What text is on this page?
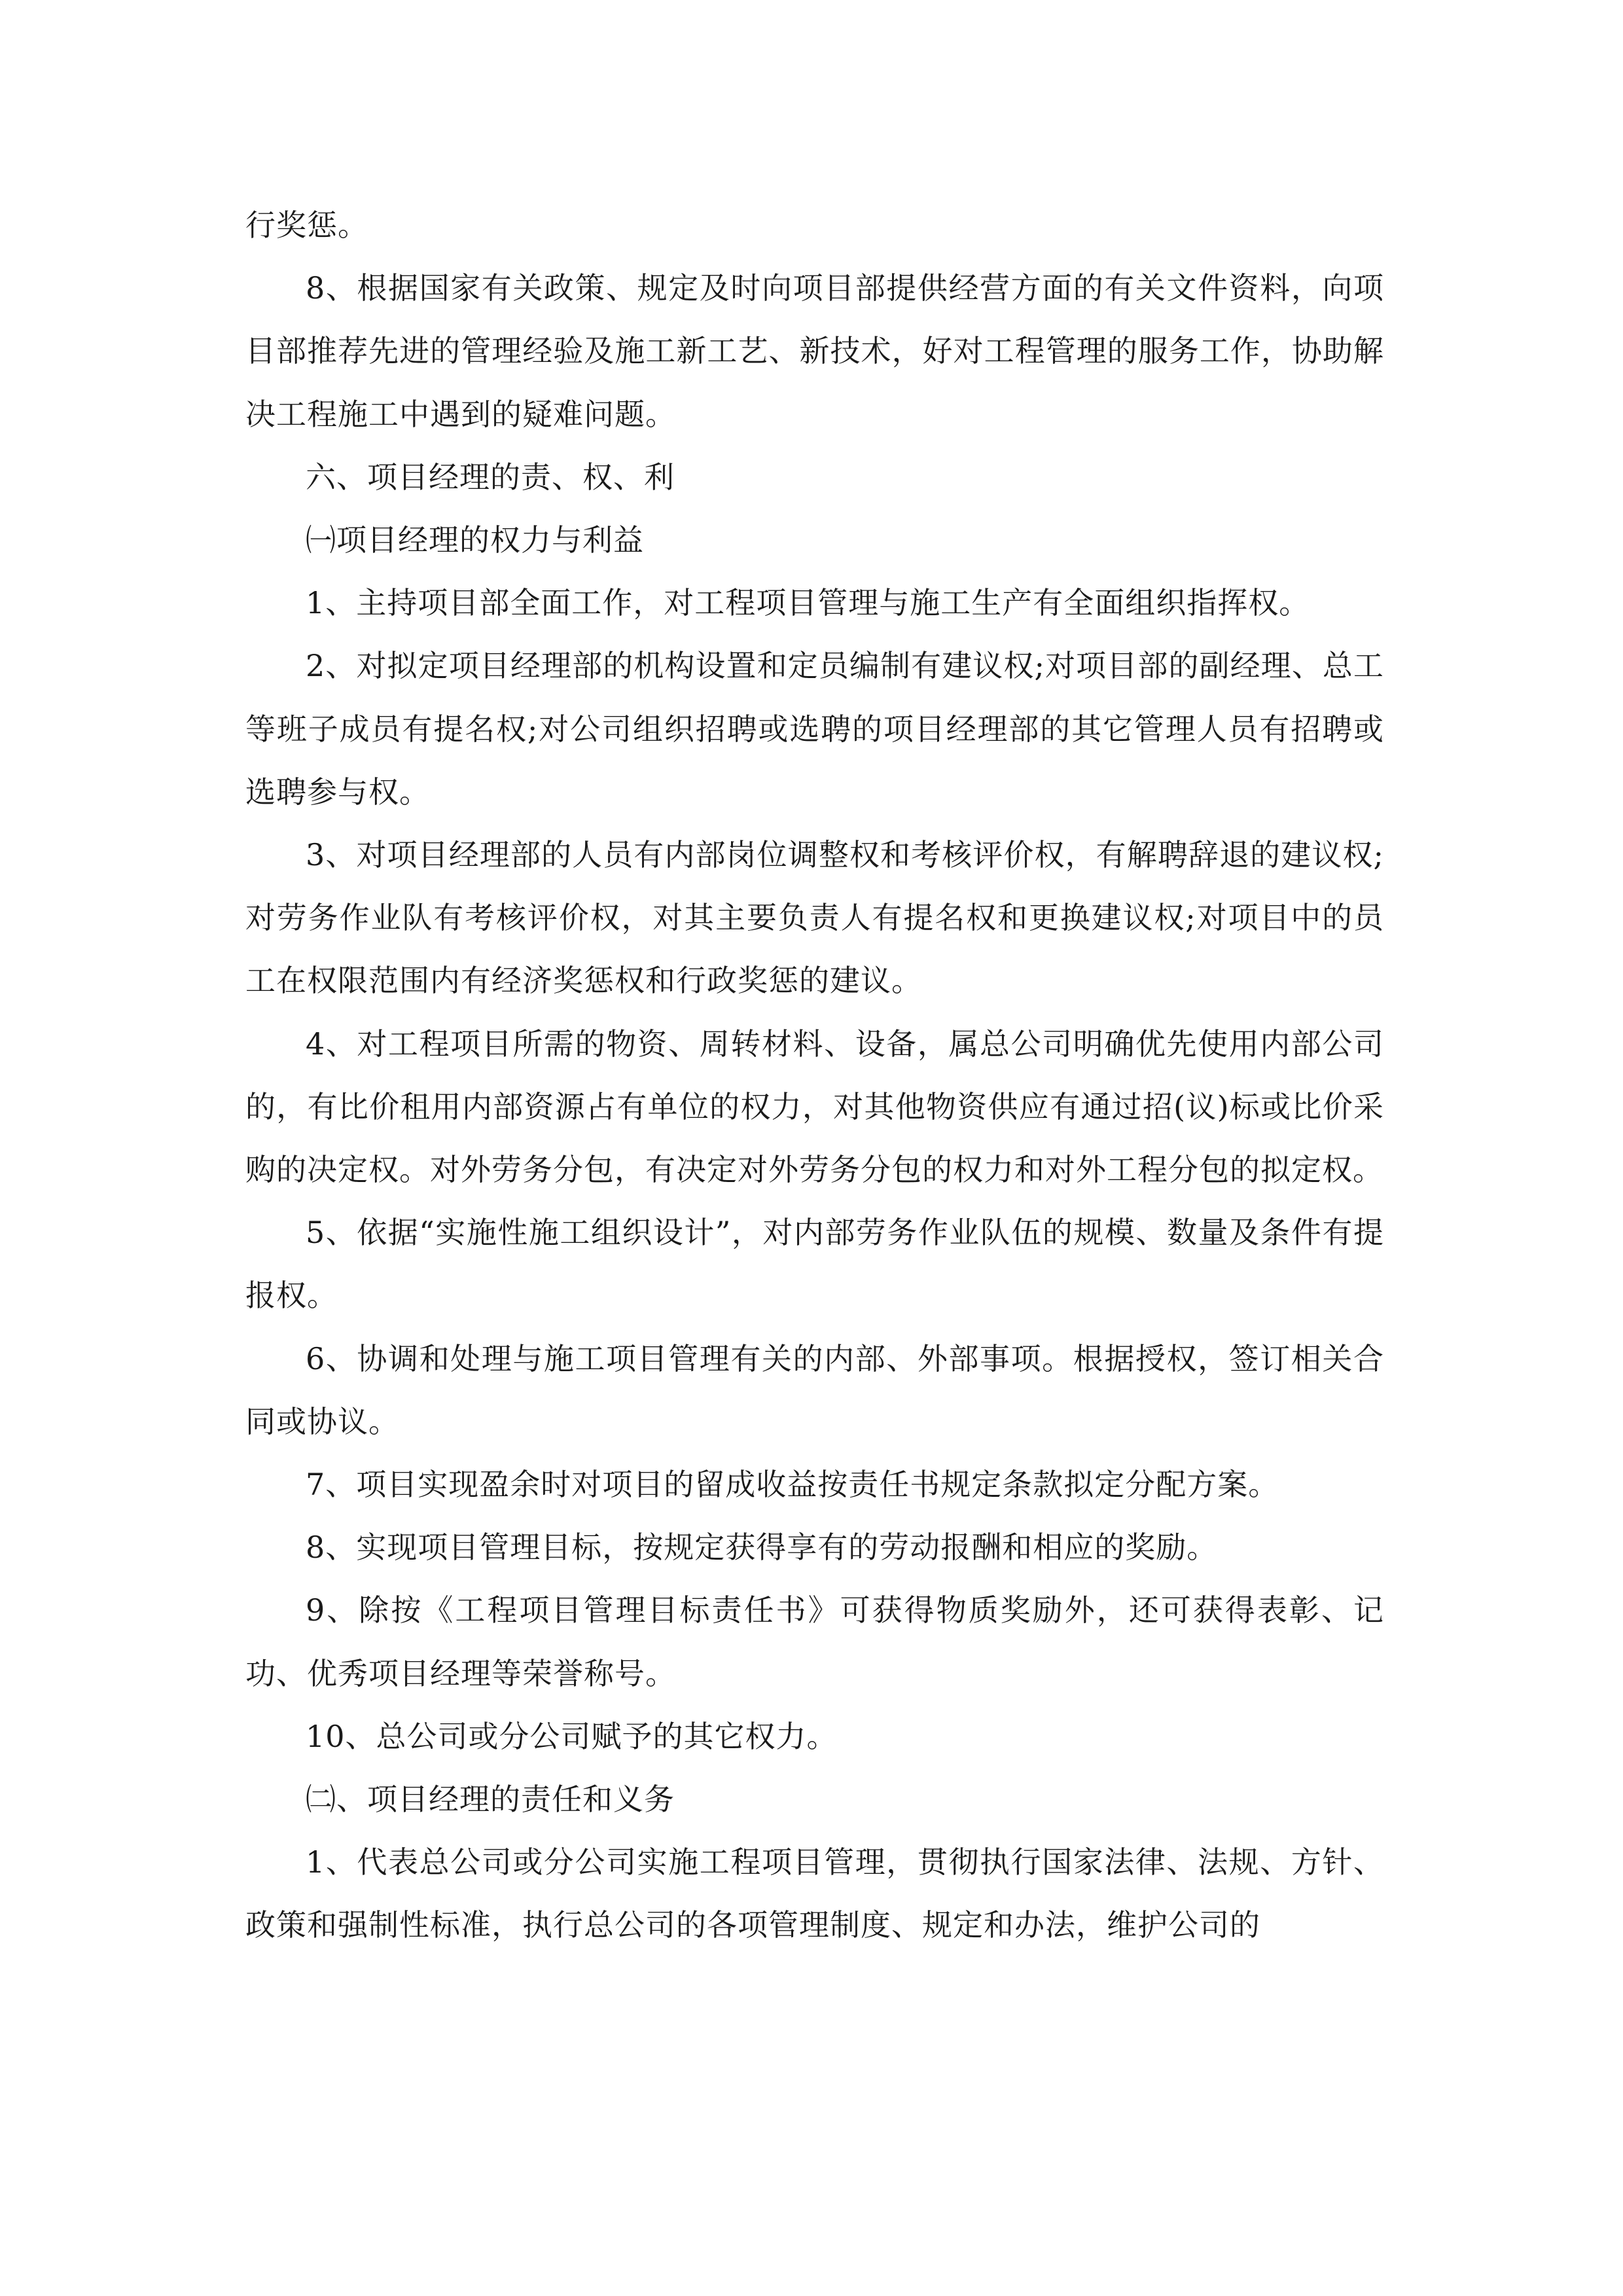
行奖惩。

8、根据国家有关政策、规定及时向项目部提供经营方面的有关文件资料，向项目部推荐先进的管理经验及施工新工艺、新技术，好对工程管理的服务工作，协助解决工程施工中遇到的疑难问题。

六、项目经理的责、权、利

㈠项目经理的权力与利益

1、主持项目部全面工作，对工程项目管理与施工生产有全面组织指挥权。

2、对拟定项目经理部的机构设置和定员编制有建议权;对项目部的副经理、总工等班子成员有提名权;对公司组织招聘或选聘的项目经理部的其它管理人员有招聘或选聘参与权。

3、对项目经理部的人员有内部岗位调整权和考核评价权，有解聘辞退的建议权;对劳务作业队有考核评价权，对其主要负责人有提名权和更换建议权;对项目中的员工在权限范围内有经济奖惩权和行政奖惩的建议。

4、对工程项目所需的物资、周转材料、设备，属总公司明确优先使用内部公司的，有比价租用内部资源占有单位的权力，对其他物资供应有通过招(议)标或比价采购的决定权。对外劳务分包，有决定对外劳务分包的权力和对外工程分包的拟定权。

5、依据“实施性施工组织设计”，对内部劳务作业队伍的规模、数量及条件有提报权。

6、协调和处理与施工项目管理有关的内部、外部事项。根据授权，签订相关合同或协议。

7、项目实现盈余时对项目的留成收益按责任书规定条款拟定分配方案。

8、实现项目管理目标，按规定获得享有的劳动报酬和相应的奖励。

9、除按《工程项目管理目标责任书》可获得物质奖励外，还可获得表彰、记功、优秀项目经理等荣誉称号。

10、总公司或分公司赋予的其它权力。

㈡、项目经理的责任和义务

1、代表总公司或分公司实施工程项目管理，贯彻执行国家法律、法规、方针、政策和强制性标准，执行总公司的各项管理制度、规定和办法，维护公司的
